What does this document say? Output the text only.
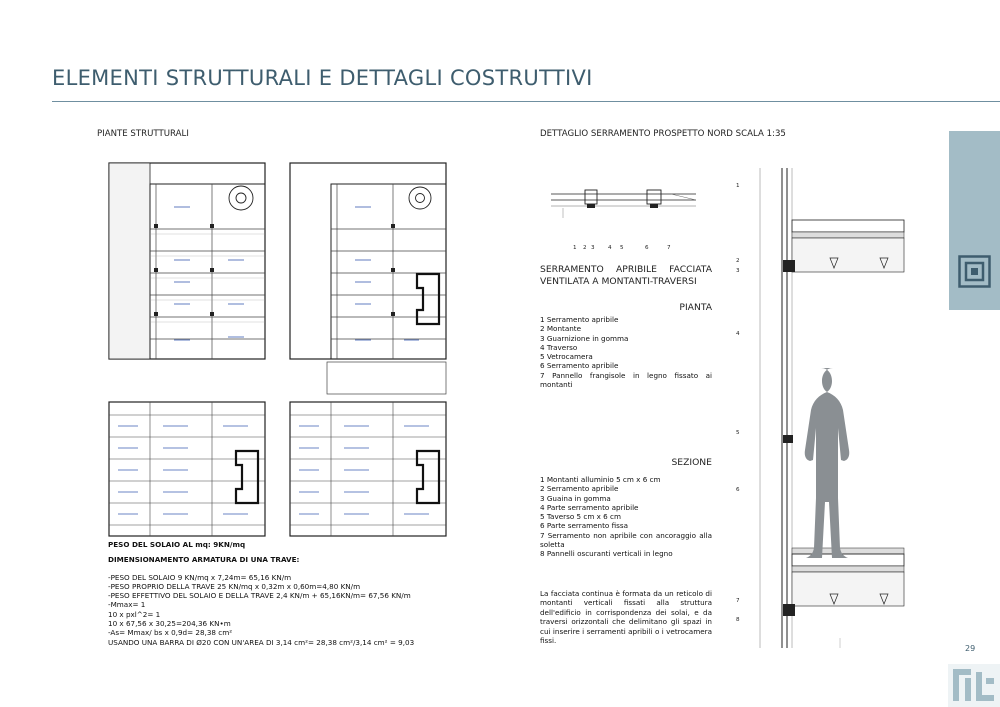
ELEMENTI STRUTTURALI E DETTAGLI COSTRUTTIVI
29
PIANTE STRUTTURALI
PESO DEL SOLAIO AL mq: 9KN/mq
DIMENSIONAMENTO ARMATURA DI UNA TRAVE:
-PESO DEL SOLAIO 9 KN/mq x 7,24m= 65,16 KN/m
-PESO PROPRIO DELLA TRAVE 25 KN/mq x 0,32m x 0,60m=4,80 KN/m
-PESO EFFETTIVO DEL SOLAIO E DELLA TRAVE 2,4 KN/m + 65,16KN/m= 67,56 KN/m
-Mmax= 1
10 x pxl^2= 1
10 x 67,56 x 30,25=204,36 KN•m
-As= Mmax/ bs x 0,9d= 28,38 cm²
USANDO UNA BARRA DI Ø20 CON UN'AREA DI 3,14 cm²= 28,38 cm²/3,14 cm² = 9,03
DETTAGLIO SERRAMENTO PROSPETTO NORD SCALA 1:35
1 2 3 4 5	6	7
SERRAMENTO APRIBILE FACCIATA VENTILATA A MONTANTI-TRAVERSI
PIANTA
1 Serramento apribile
2 Montante
3 Guarnizione in gomma
4 Traverso
5 Vetrocamera
6 Serramento apribile
7 Pannello frangisole in legno fissato ai montanti
SEZIONE
1 Montanti alluminio 5 cm x 6 cm
2 Serramento apribile
3 Guaina in gomma
4 Parte serramento apribile
5 Taverso 5 cm x 6 cm
6 Parte serramento fissa
7 Serramento non apribile con ancoraggio alla soletta
8 Pannelli oscuranti verticali in legno
La facciata continua è formata da un reticolo di montanti verticali fissati alla struttura dell'edificio in corrispondenza dei solai, e da traversi orizzontali che delimitano gli spazi in cui inserire i serramenti apribili o i vetrocamera fissi.
1
2
3
4
5
6
7
8
